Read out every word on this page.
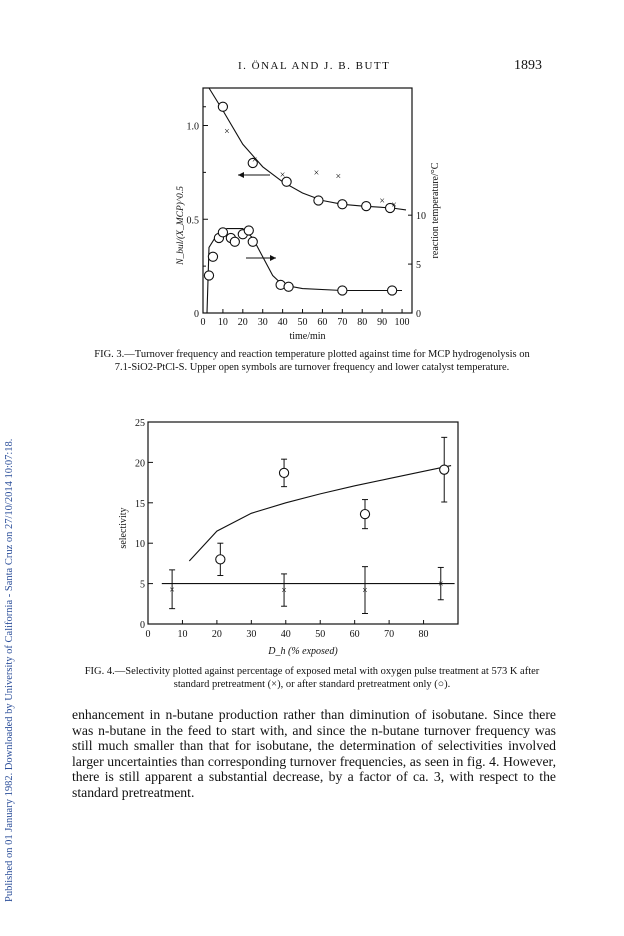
I. ÖNAL AND J. B. BUTT	1893
Published on 01 January 1982. Downloaded by University of California - Santa Cruz on 27/10/2014 10:07:18.
0 10 20 30 40 50 60 70 80 90 100
0
0.5
1.0
0
5
10
time/min
N_bul/(X_MCP)^0.5	reaction temperature/°C
×
×
×	× ×
× ×
0	10 20 30 40 50 60 70 80
0
5
10
15
20
25
D_h (% exposed)
selectivity
×	×	×
×
FIG. 3.—Turnover frequency and reaction temperature plotted against time for MCP hydrogenolysis on
7.1-SiO2-PtCl-S. Upper open symbols are turnover frequency and lower catalyst temperature.
FIG. 4.—Selectivity plotted against percentage of exposed metal with oxygen pulse treatment at 573 K after
standard pretreatment (×), or after standard pretreatment only (○).

enhancement in n-butane production rather than diminution of isobutane. Since there was n-butane in the feed to start with, and since the n-butane turnover frequency was still much smaller than that for isobutane, the determination of selectivities involved larger uncertainties than corresponding turnover frequencies, as seen in fig. 4. However, there is still apparent a substantial decrease, by a factor of ca. 3, with respect to the standard pretreatment.
